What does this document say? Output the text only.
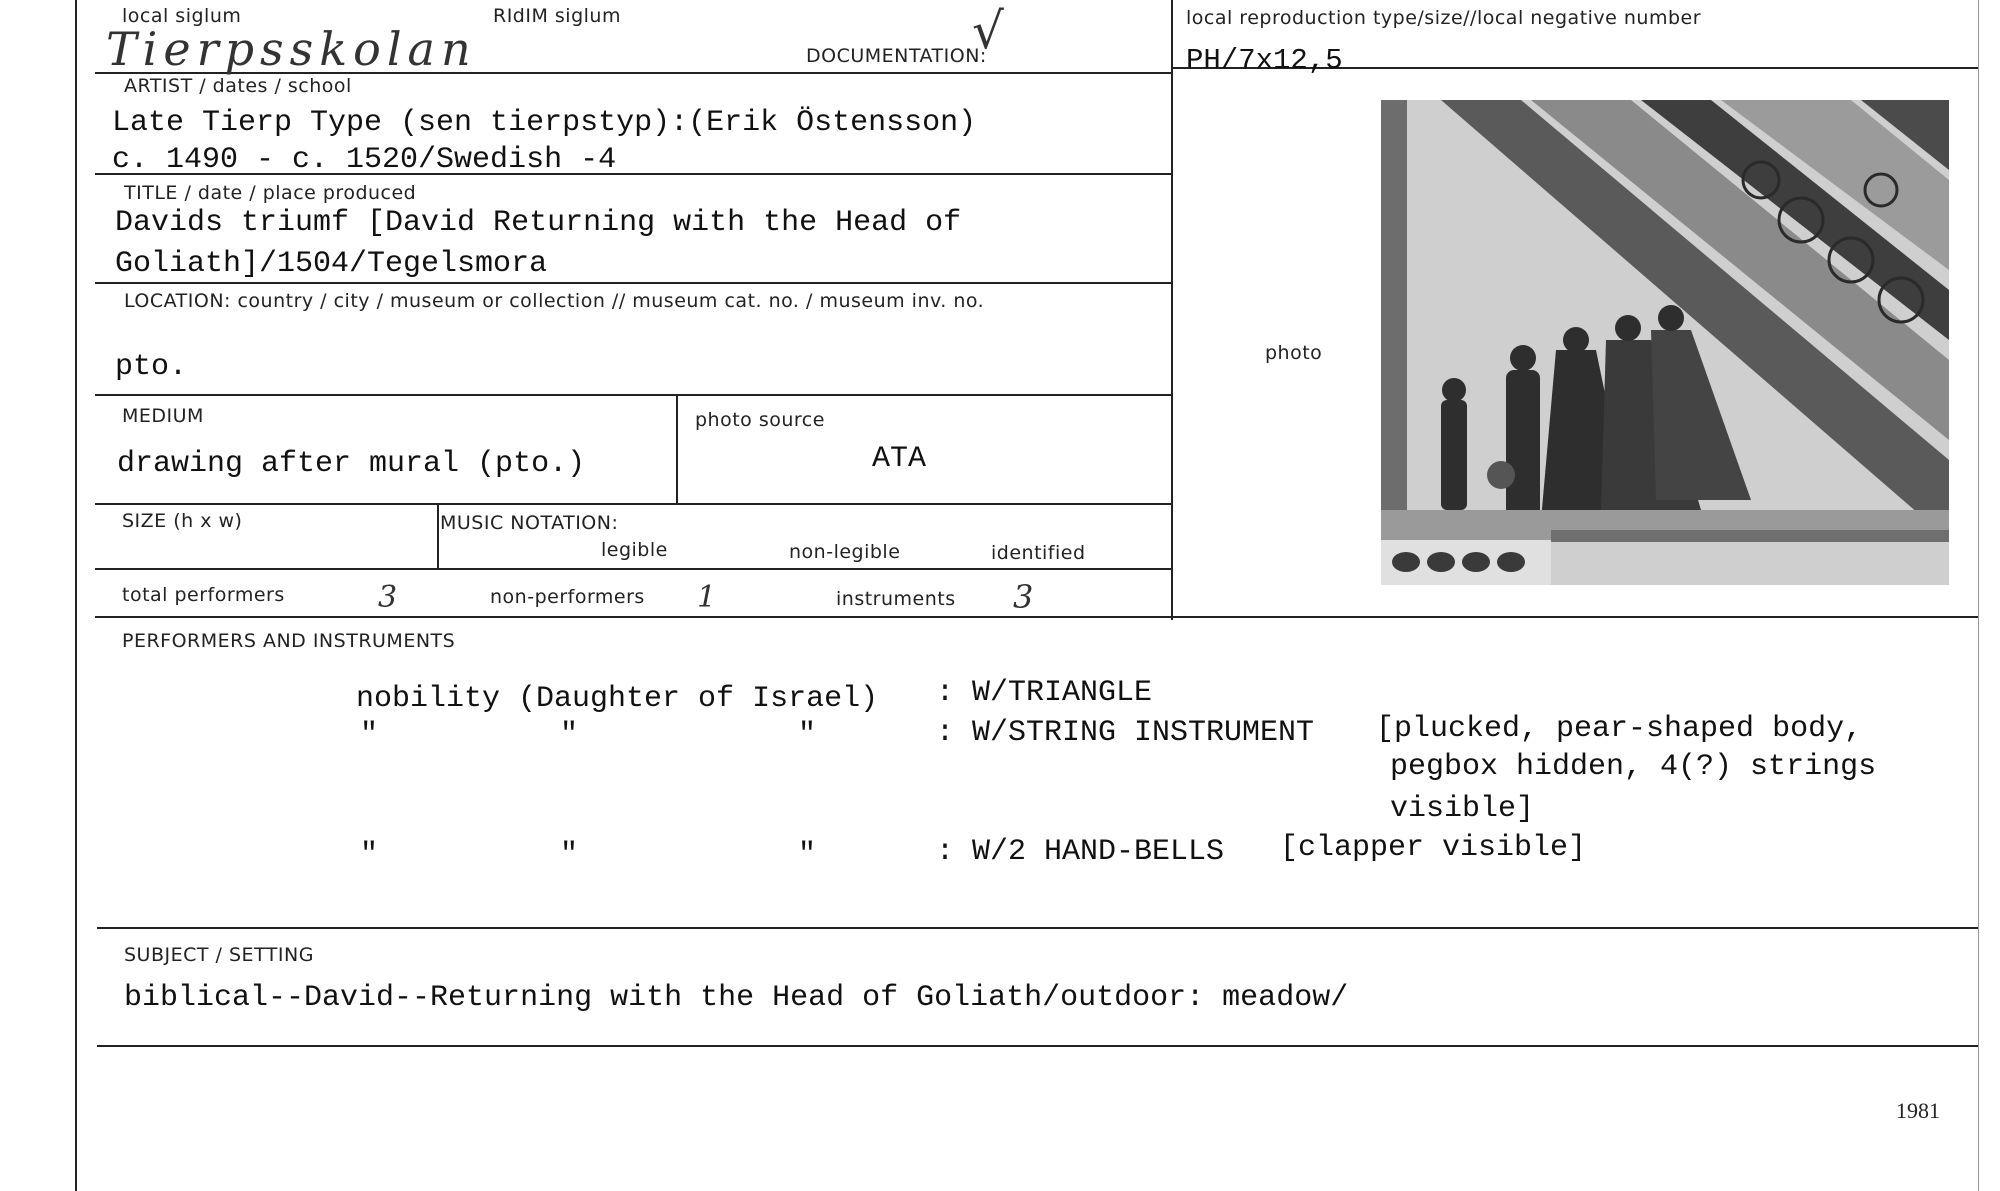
local siglum
Tierpsskolan
RIdIM siglum
DOCUMENTATION:
√	local reproduction type/size//local negative number
PH/7x12,5
ARTIST / dates / school
Late Tierp Type (sen tierpstyp):(Erik Östensson)
c. 1490 - c. 1520/Swedish -4
TITLE / date / place produced
Davids triumf [David Returning with the Head of
Goliath]/1504/Tegelsmora
LOCATION: country / city / museum or collection // museum cat. no. / museum inv. no.
pto.	photo
MEDIUM
drawing after mural (pto.)
photo source
ATA
SIZE (h x w)	MUSIC NOTATION:
legible	non-legible	identified
total performers	3	non-performers 1	instruments 3
PERFORMERS AND INSTRUMENTS
nobility (Daughter of Israel) : W/TRIANGLE
"	"	"	: W/STRING INSTRUMENT [plucked, pear-shaped body,
pegbox hidden, 4(?) strings
visible]
"	"	"	: W/2 HAND-BELLS [clapper visible]
SUBJECT / SETTING
biblical--David--Returning with the Head of Goliath/outdoor: meadow/
1981
